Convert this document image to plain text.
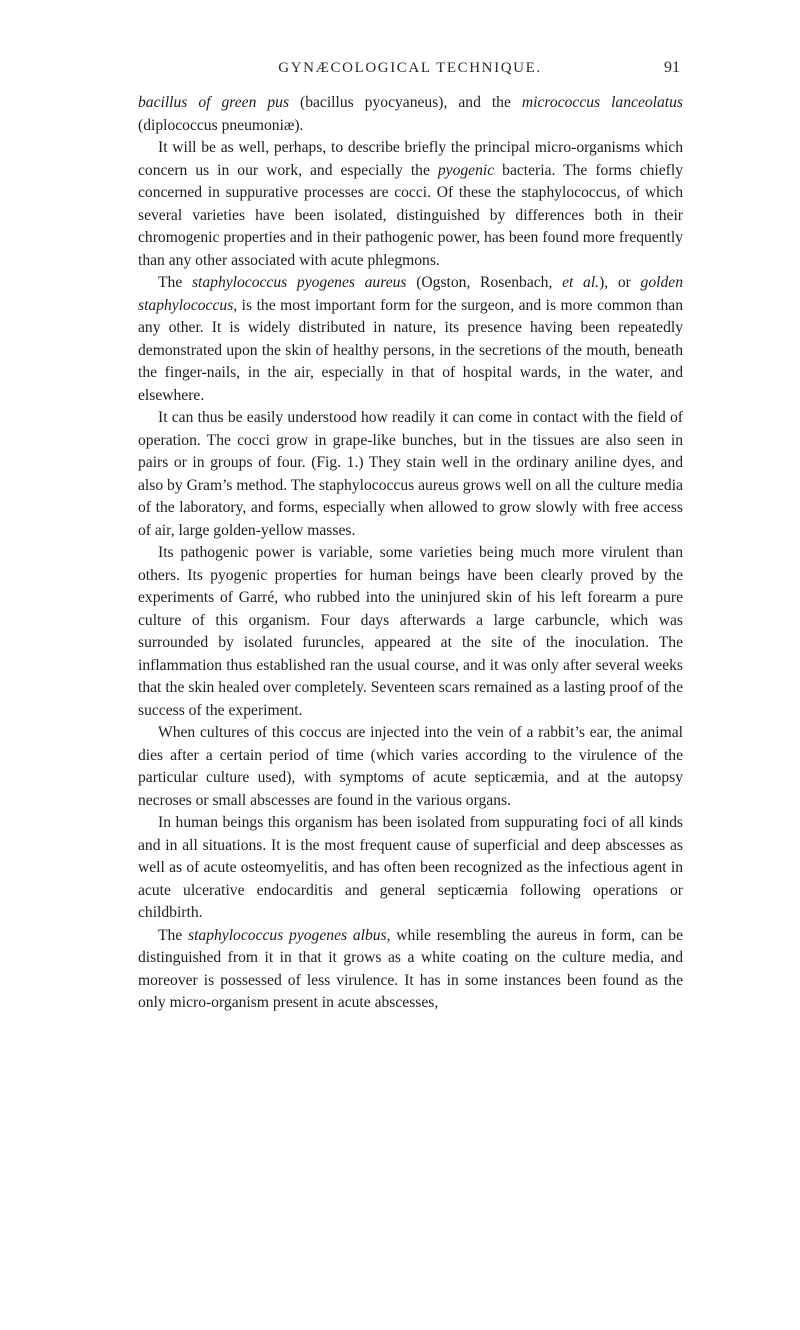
GYNÆCOLOGICAL TECHNIQUE.	91

bacillus of green pus (bacillus pyocyaneus), and the micrococcus lanceolatus (diplococcus pneumoniæ).

It will be as well, perhaps, to describe briefly the principal micro-organisms which concern us in our work, and especially the pyogenic bacteria. The forms chiefly concerned in suppurative processes are cocci. Of these the staphylococcus, of which several varieties have been isolated, distinguished by differences both in their chromogenic properties and in their pathogenic power, has been found more frequently than any other associated with acute phlegmons.

The staphylococcus pyogenes aureus (Ogston, Rosenbach, et al.), or golden staphylococcus, is the most important form for the surgeon, and is more common than any other. It is widely distributed in nature, its presence having been repeatedly demonstrated upon the skin of healthy persons, in the secretions of the mouth, beneath the finger-nails, in the air, especially in that of hospital wards, in the water, and elsewhere.

It can thus be easily understood how readily it can come in contact with the field of operation. The cocci grow in grape-like bunches, but in the tissues are also seen in pairs or in groups of four. (Fig. 1.) They stain well in the ordinary aniline dyes, and also by Gram’s method. The staphylococcus aureus grows well on all the culture media of the laboratory, and forms, especially when allowed to grow slowly with free access of air, large golden-yellow masses.

Its pathogenic power is variable, some varieties being much more virulent than others. Its pyogenic properties for human beings have been clearly proved by the experiments of Garré, who rubbed into the uninjured skin of his left forearm a pure culture of this organism. Four days afterwards a large carbuncle, which was surrounded by isolated furuncles, appeared at the site of the inoculation. The inflammation thus established ran the usual course, and it was only after several weeks that the skin healed over completely. Seventeen scars remained as a lasting proof of the success of the experiment.

When cultures of this coccus are injected into the vein of a rabbit’s ear, the animal dies after a certain period of time (which varies according to the virulence of the particular culture used), with symptoms of acute septicæmia, and at the autopsy necroses or small abscesses are found in the various organs.

In human beings this organism has been isolated from suppurating foci of all kinds and in all situations. It is the most frequent cause of superficial and deep abscesses as well as of acute osteomyelitis, and has often been recognized as the infectious agent in acute ulcerative endocarditis and general septicæmia following operations or childbirth.

The staphylococcus pyogenes albus, while resembling the aureus in form, can be distinguished from it in that it grows as a white coating on the culture media, and moreover is possessed of less virulence. It has in some instances been found as the only micro-organism present in acute abscesses,
